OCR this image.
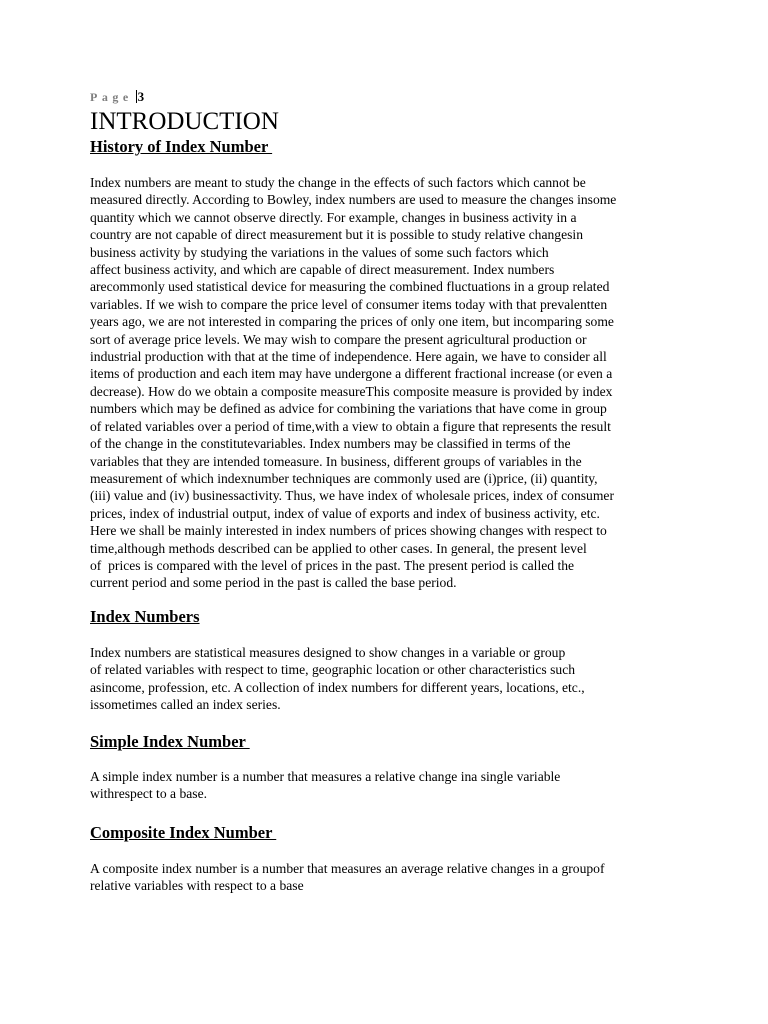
Page 3
INTRODUCTION
History of Index Number
Index numbers are meant to study the change in the effects of such factors which cannot be
measured directly. According to Bowley, index numbers are used to measure the changes insome
quantity which we cannot observe directly. For example, changes in business activity in a
country are not capable of direct measurement but it is possible to study relative changesin
business activity by studying the variations in the values of some such factors which
affect business activity, and which are capable of direct measurement. Index numbers
arecommonly used statistical device for measuring the combined fluctuations in a group related
variables. If we wish to compare the price level of consumer items today with that prevalentten
years ago, we are not interested in comparing the prices of only one item, but incomparing some
sort of average price levels. We may wish to compare the present agricultural production or
industrial production with that at the time of independence. Here again, we have to consider all
items of production and each item may have undergone a different fractional increase (or even a
decrease). How do we obtain a composite measureThis composite measure is provided by index
numbers which may be defined as advice for combining the variations that have come in group
of related variables over a period of time,with a view to obtain a figure that represents the result
of the change in the constitutevariables. Index numbers may be classified in terms of the
variables that they are intended tomeasure. In business, different groups of variables in the
measurement of which indexnumber techniques are commonly used are (i)price, (ii) quantity,
(iii) value and (iv) businessactivity. Thus, we have index of wholesale prices, index of consumer
prices, index of industrial output, index of value of exports and index of business activity, etc.
Here we shall be mainly interested in index numbers of prices showing changes with respect to
time,although methods described can be applied to other cases. In general, the present level
of  prices is compared with the level of prices in the past. The present period is called the
current period and some period in the past is called the base period.
Index Numbers
Index numbers are statistical measures designed to show changes in a variable or group
of related variables with respect to time, geographic location or other characteristics such
asincome, profession, etc. A collection of index numbers for different years, locations, etc.,
issometimes called an index series.
Simple Index Number
A simple index number is a number that measures a relative change ina single variable
withrespect to a base.
Composite Index Number
A composite index number is a number that measures an average relative changes in a groupof
relative variables with respect to a base
